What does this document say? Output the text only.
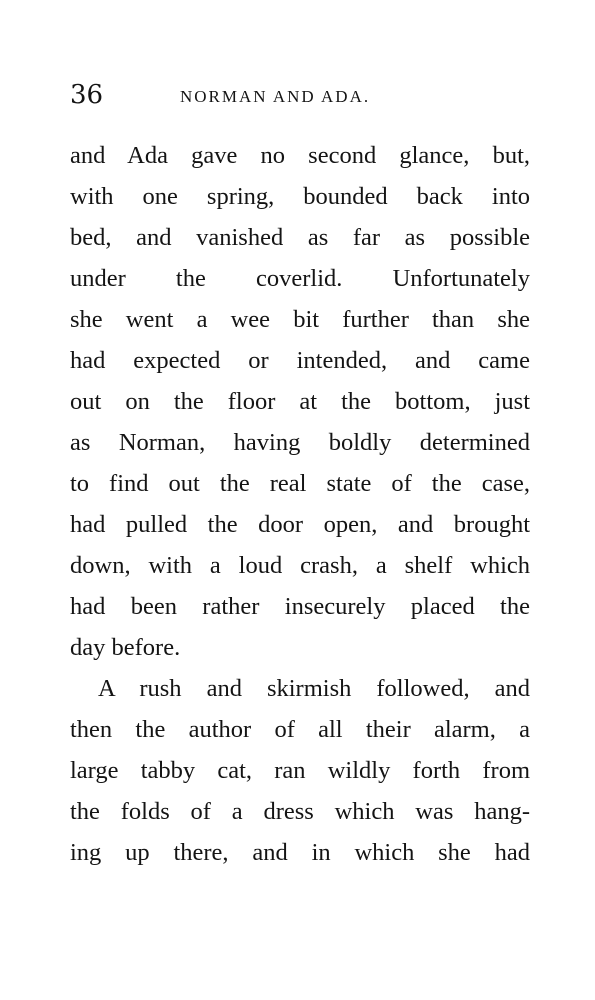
36	NORMAN AND ADA.
and Ada gave no second glance, but,
with one spring, bounded back into
bed, and vanished as far as possible
under the coverlid. Unfortunately
she went a wee bit further than she
had expected or intended, and came
out on the floor at the bottom, just
as Norman, having boldly determined
to find out the real state of the case,
had pulled the door open, and brought
down, with a loud crash, a shelf which
had been rather insecurely placed the
day before.
A rush and skirmish followed, and
then the author of all their alarm, a
large tabby cat, ran wildly forth from
the folds of a dress which was hang-
ing up there, and in which she had
